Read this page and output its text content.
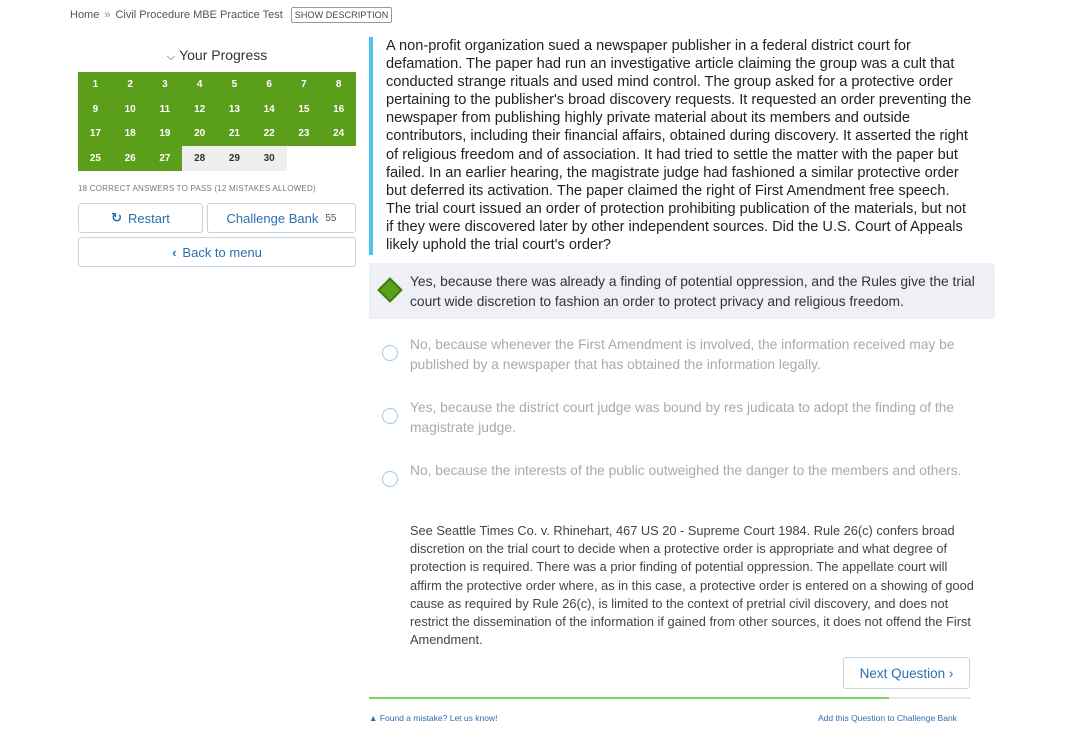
Home » Civil Procedure MBE Practice Test	SHOW DESCRIPTION
⌵ Your Progress
1	2	3	4	5	6	7	8
9	10	11	12	13	14	15	16
17	18	19	20	21	22	23	24
25	26	27	28	29	30
18 CORRECT ANSWERS TO PASS (12 MISTAKES ALLOWED)
↻ Restart	Challenge Bank 55
‹ Back to menu
A non-profit organization sued a newspaper publisher in a federal district court for defamation. The paper had run an investigative article claiming the group was a cult that conducted strange rituals and used mind control. The group asked for a protective order pertaining to the publisher's broad discovery requests. It requested an order preventing the newspaper from publishing highly private material about its members and outside contributors, including their financial affairs, obtained during discovery. It asserted the right of religious freedom and of association. It had tried to settle the matter with the paper but failed. In an earlier hearing, the magistrate judge had fashioned a similar protective order but deferred its activation. The paper claimed the right of First Amendment free speech. The trial court issued an order of protection prohibiting publication of the materials, but not if they were discovered later by other independent sources. Did the U.S. Court of Appeals likely uphold the trial court's order?
Yes, because there was already a finding of potential oppression, and the Rules give the trial court wide discretion to fashion an order to protect privacy and religious freedom.
No, because whenever the First Amendment is involved, the information received may be published by a newspaper that has obtained the information legally.
Yes, because the district court judge was bound by res judicata to adopt the finding of the magistrate judge.
No, because the interests of the public outweighed the danger to the members and others.
See Seattle Times Co. v. Rhinehart, 467 US 20 - Supreme Court 1984. Rule 26(c) confers broad discretion on the trial court to decide when a protective order is appropriate and what degree of protection is required. There was a prior finding of potential oppression. The appellate court will affirm the protective order where, as in this case, a protective order is entered on a showing of good cause as required by Rule 26(c), is limited to the context of pretrial civil discovery, and does not restrict the dissemination of the information if gained from other sources, it does not offend the First Amendment.
Next Question ›
▲ Found a mistake? Let us know!	Add this Question to Challenge Bank
